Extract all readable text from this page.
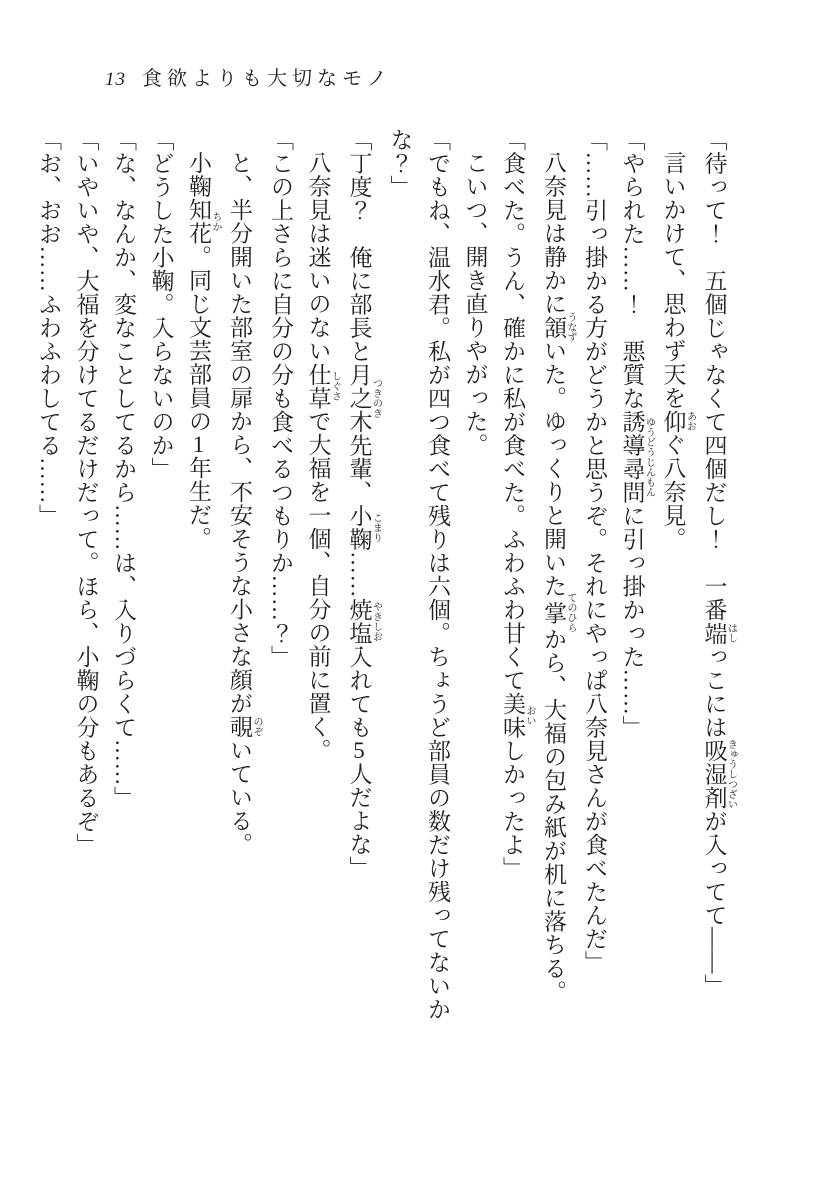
13 食欲よりも大切なモノ

「待って！　五個じゃなくて四個だし！　一番端 はしっこには吸湿剤 きゅうしつざいが入ってて――」

言いかけて、思わず天を仰 あおぐ八奈見。

「やられた……！　悪質な誘導尋問 ゆうどうじんもんに引っ掛かった……」

「……引っ掛かる方がどうかと思うぞ。それにやっぱ八奈見さんが食べたんだ」

八奈見は静かに頷 うなずいた。ゆっくりと開いた掌 てのひらから、大福の包み紙が机に落ちる。

「食べた。うん、確かに私が食べた。ふわふわ甘くて美味 おいしかったよ」

こいつ、開き直りやがった。

「でもね、温水君。私が四つ食べて残りは六個。ちょうど部員の数だけ残ってないかな？」

「丁度？　俺に部長と月之木 つきのき先輩、小鞠 こまり……焼塩 やきしお入れても5人だよな」

八奈見は迷いのない仕草 しぐさで大福を一個、自分の前に置く。

「この上さらに自分の分も食べるつもりか……？」

と、半分開いた部室の扉から、不安そうな小さな顔が覗 のぞいている。

小鞠知花 ちか。同じ文芸部員の1年生だ。

「どうした小鞠。入らないのか」

「な、なんか、変なことしてるから……は、入りづらくて……」

「いやいや、大福を分けてるだけだって。ほら、小鞠の分もあるぞ」

「お、おお……ふわふわしてる……」
